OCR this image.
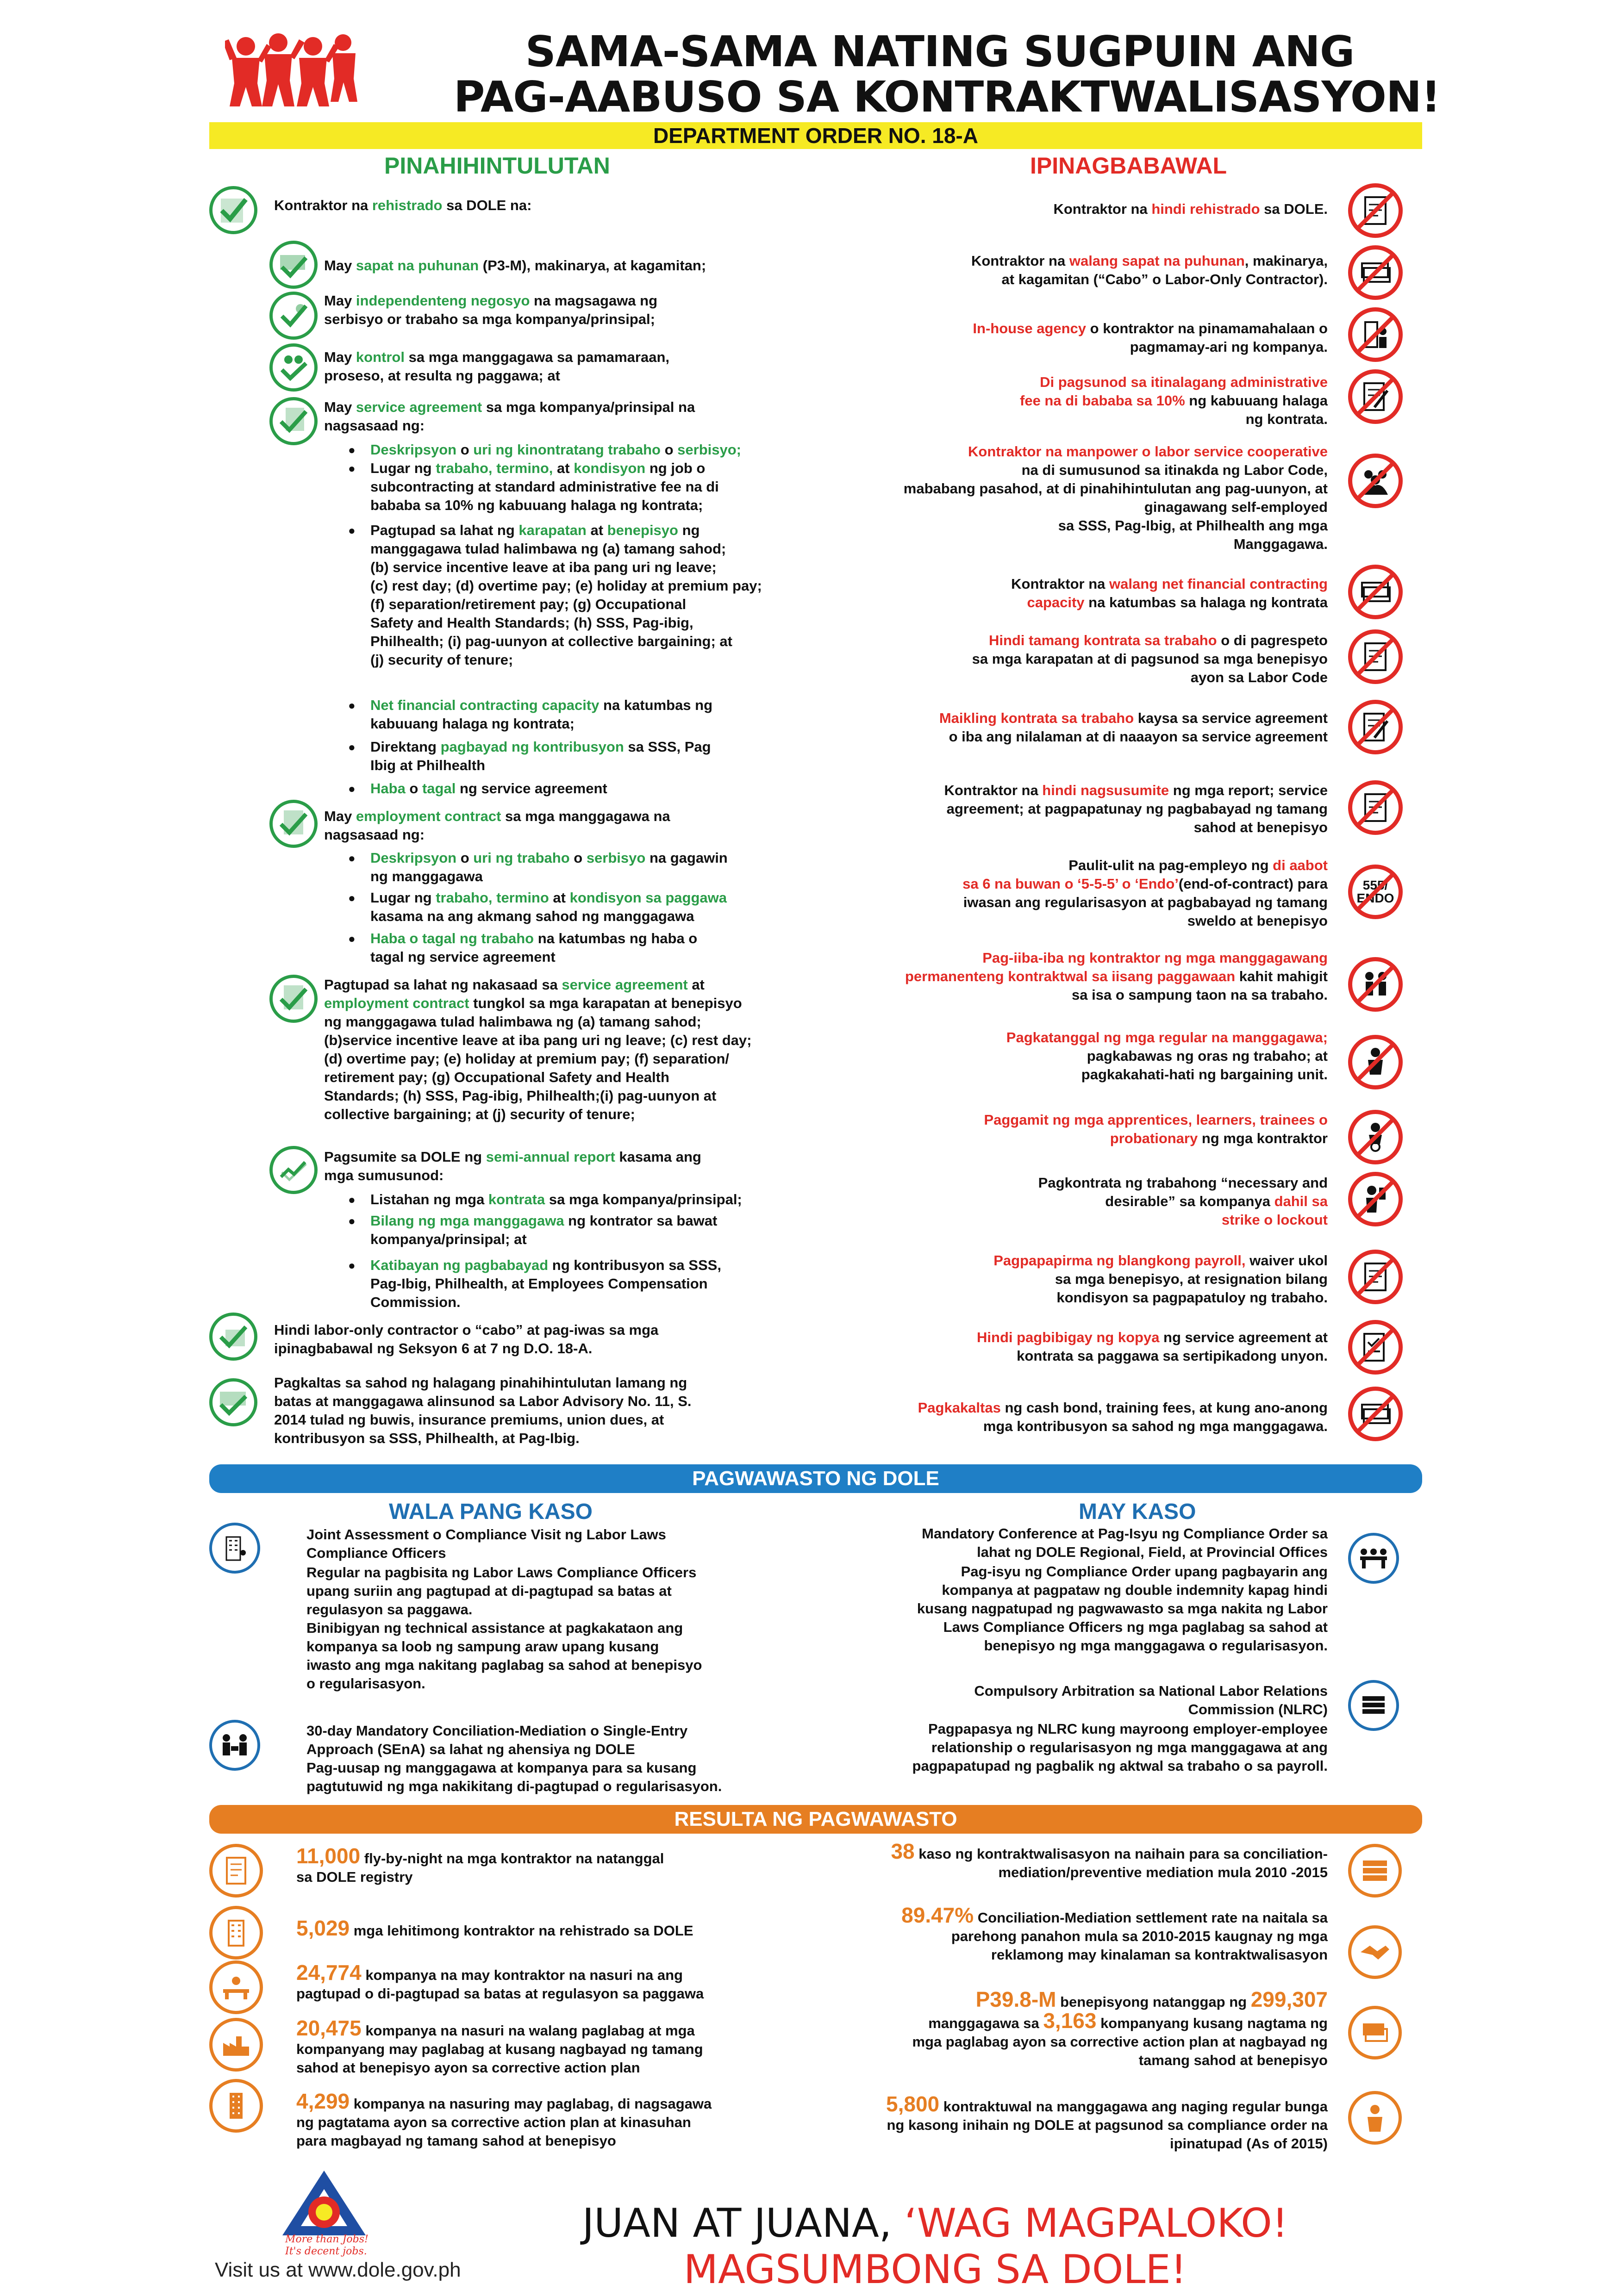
SAMA-SAMA NATING SUGPUIN ANG
PAG-AABUSO SA KONTRAKTWALISASYON!
DEPARTMENT ORDER NO. 18-A
PINAHIHINTULUTAN	IPINAGBABAWAL
Kontraktor na rehistrado sa DOLE na:
May sapat na puhunan (P3-M), makinarya, at kagamitan;
May independenteng negosyo na magsagawa ng
serbisyo or trabaho sa mga kompanya/prinsipal;
May kontrol sa mga manggagawa sa pamamaraan,
proseso, at resulta ng paggawa; at
May service agreement sa mga kompanya/prinsipal na
nagsasaad ng:
● Deskripsyon o uri ng kinontratang trabaho o serbisyo;
● Lugar ng trabaho, termino, at kondisyon ng job o
subcontracting at standard administrative fee na di
bababa sa 10% ng kabuuang halaga ng kontrata;
● Pagtupad sa lahat ng karapatan at benepisyo ng
manggagawa tulad halimbawa ng (a) tamang sahod;
(b) service incentive leave at iba pang uri ng leave;
(c) rest day; (d) overtime pay; (e) holiday at premium pay;
(f) separation/retirement pay; (g) Occupational
Safety and Health Standards; (h) SSS, Pag-ibig,
Philhealth; (i) pag-uunyon at collective bargaining; at
(j) security of tenure;
● Net financial contracting capacity na katumbas ng
kabuuang halaga ng kontrata;
● Direktang pagbayad ng kontribusyon sa SSS, Pag
Ibig at Philhealth
● Haba o tagal ng service agreement
May employment contract sa mga manggagawa na
nagsasaad ng:
● Deskripsyon o uri ng trabaho o serbisyo na gagawin
ng manggagawa
● Lugar ng trabaho, termino at kondisyon sa paggawa
kasama na ang akmang sahod ng manggagawa
● Haba o tagal ng trabaho na katumbas ng haba o
tagal ng service agreement
Pagtupad sa lahat ng nakasaad sa service agreement at
employment contract tungkol sa mga karapatan at benepisyo
ng manggagawa tulad halimbawa ng (a) tamang sahod;
(b)service incentive leave at iba pang uri ng leave; (c) rest day;
(d) overtime pay; (e) holiday at premium pay; (f) separation/
retirement pay; (g) Occupational Safety and Health
Standards; (h) SSS, Pag-ibig, Philhealth;(i) pag-uunyon at
collective bargaining; at (j) security of tenure;
Pagsumite sa DOLE ng semi-annual report kasama ang
mga sumusunod:
● Listahan ng mga kontrata sa mga kompanya/prinsipal;
● Bilang ng mga manggagawa ng kontrator sa bawat
kompanya/prinsipal; at
● Katibayan ng pagbabayad ng kontribusyon sa SSS,
Pag-Ibig, Philhealth, at Employees Compensation
Commission.
Hindi labor-only contractor o “cabo” at pag-iwas sa mga
ipinagbabawal ng Seksyon 6 at 7 ng D.O. 18-A.
Pagkaltas sa sahod ng halagang pinahihintulutan lamang ng
batas at manggagawa alinsunod sa Labor Advisory No. 11, S.
2014 tulad ng buwis, insurance premiums, union dues, at
kontribusyon sa SSS, Philhealth, at Pag-Ibig.
555/
ENDO
Kontraktor na hindi rehistrado sa DOLE.
Kontraktor na walang sapat na puhunan, makinarya,
at kagamitan (“Cabo” o Labor-Only Contractor).
In-house agency o kontraktor na pinamamahalaan o
pagmamay-ari ng kompanya.
Di pagsunod sa itinalagang administrative
fee na di bababa sa 10% ng kabuuang halaga
ng kontrata.
Kontraktor na manpower o labor service cooperative
na di sumusunod sa itinakda ng Labor Code,
mababang pasahod, at di pinahihintulutan ang pag-uunyon, at
ginagawang self-employed
sa SSS, Pag-Ibig, at Philhealth ang mga
Manggagawa.
Kontraktor na walang net financial contracting
capacity na katumbas sa halaga ng kontrata
Hindi tamang kontrata sa trabaho o di pagrespeto
sa mga karapatan at di pagsunod sa mga benepisyo
ayon sa Labor Code
Maikling kontrata sa trabaho kaysa sa service agreement
o iba ang nilalaman at di naaayon sa service agreement
Kontraktor na hindi nagsusumite ng mga report; service
agreement; at pagpapatunay ng pagbabayad ng tamang
sahod at benepisyo
Paulit-ulit na pag-empleyo ng di aabot
sa 6 na buwan o ‘5-5-5’ o ‘Endo’(end-of-contract) para
iwasan ang regularisasyon at pagbabayad ng tamang
sweldo at benepisyo
Pag-iiba-iba ng kontraktor ng mga manggagawang
permanenteng kontraktwal sa iisang paggawaan kahit mahigit
sa isa o sampung taon na sa trabaho.
Pagkatanggal ng mga regular na manggagawa;
pagkabawas ng oras ng trabaho; at
pagkakahati-hati ng bargaining unit.
Paggamit ng mga apprentices, learners, trainees o
probationary ng mga kontraktor
Pagkontrata ng trabahong “necessary and
desirable” sa kompanya dahil sa
strike o lockout
Pagpapapirma ng blangkong payroll, waiver ukol
sa mga benepisyo, at resignation bilang
kondisyon sa pagpapatuloy ng trabaho.
Hindi pagbibigay ng kopya ng service agreement at
kontrata sa paggawa sa sertipikadong unyon.
Pagkakaltas ng cash bond, training fees, at kung ano-anong
mga kontribusyon sa sahod ng mga manggagawa.
PAGWAWASTO NG DOLE
WALA PANG KASO	MAY KASO
Joint Assessment o Compliance Visit ng Labor Laws
Compliance Officers
Regular na pagbisita ng Labor Laws Compliance Officers
upang suriin ang pagtupad at di-pagtupad sa batas at
regulasyon sa paggawa.
Binibigyan ng technical assistance at pagkakataon ang
kompanya sa loob ng sampung araw upang kusang
iwasto ang mga nakitang paglabag sa sahod at benepisyo
o regularisasyon.
30-day Mandatory Conciliation-Mediation o Single-Entry
Approach (SEnA) sa lahat ng ahensiya ng DOLE
Pag-uusap ng manggagawa at kompanya para sa kusang
pagtutuwid ng mga nakikitang di-pagtupad o regularisasyon.
Mandatory Conference at Pag-Isyu ng Compliance Order sa
lahat ng DOLE Regional, Field, at Provincial Offices
Pag-isyu ng Compliance Order upang pagbayarin ang
kompanya at pagpataw ng double indemnity kapag hindi
kusang nagpatupad ng pagwawasto sa mga nakita ng Labor
Laws Compliance Officers ng mga paglabag sa sahod at
benepisyo ng mga manggagawa o regularisasyon.
Compulsory Arbitration sa National Labor Relations
Commission (NLRC)
Pagpapasya ng NLRC kung mayroong employer-employee
relationship o regularisasyon ng mga manggagawa at ang
pagpapatupad ng pagbalik ng aktwal sa trabaho o sa payroll.
RESULTA NG PAGWAWASTO
11,000 fly-by-night na mga kontraktor na natanggal
sa DOLE registry
5,029 mga lehitimong kontraktor na rehistrado sa DOLE
24,774 kompanya na may kontraktor na nasuri na ang
pagtupad o di-pagtupad sa batas at regulasyon sa paggawa
20,475 kompanya na nasuri na walang paglabag at mga
kompanyang may paglabag at kusang nagbayad ng tamang
sahod at benepisyo ayon sa corrective action plan
4,299 kompanya na nasuring may paglabag, di nagsagawa
ng pagtatama ayon sa corrective action plan at kinasuhan
para magbayad ng tamang sahod at benepisyo
38 kaso ng kontraktwalisasyon na naihain para sa conciliation-
mediation/preventive mediation mula 2010 -2015
89.47% Conciliation-Mediation settlement rate na naitala sa
parehong panahon mula sa 2010-2015 kaugnay ng mga
reklamong may kinalaman sa kontraktwalisasyon
P39.8-M benepisyong natanggap ng 299,307
manggagawa sa 3,163 kompanyang kusang nagtama ng
mga paglabag ayon sa corrective action plan at nagbayad ng
tamang sahod at benepisyo
5,800 kontraktuwal na manggagawa ang naging regular bunga
ng kasong inihain ng DOLE at pagsunod sa compliance order na
ipinatupad (As of 2015)
More than Jobs!
It's decent jobs.
Visit us at www.dole.gov.ph
JUAN AT JUANA, ‘WAG MAGPALOKO!
MAGSUMBONG SA DOLE!
